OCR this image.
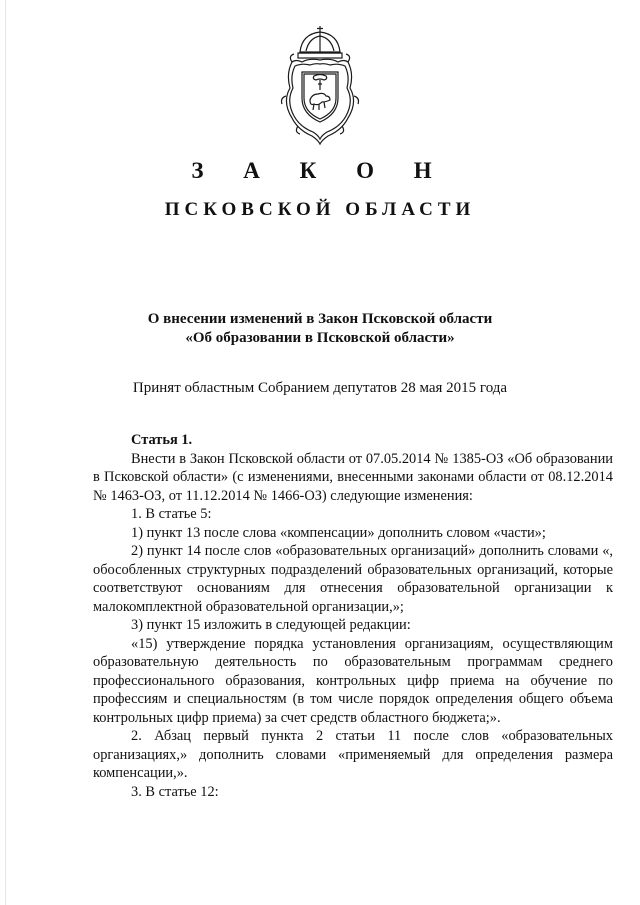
З А К О Н
ПСКОВСКОЙ ОБЛАСТИ
О внесении изменений в Закон Псковской области
«Об образовании в Псковской области»
Принят областным Собранием депутатов 28 мая 2015 года

Статья 1.

Внести в Закон Псковской области от 07.05.2014 № 1385-ОЗ «Об образовании в Псковской области» (с изменениями, внесенными законами области от 08.12.2014 № 1463-ОЗ, от 11.12.2014 № 1466-ОЗ) следующие изменения:

1. В статье 5:

1) пункт 13 после слова «компенсации» дополнить словом «части»;

2) пункт 14 после слов «образовательных организаций» дополнить словами «, обособленных структурных подразделений образовательных организаций, которые соответствуют основаниям для отнесения образовательной организации к малокомплектной образовательной организации,»;

3) пункт 15 изложить в следующей редакции:

«15) утверждение порядка установления организациям, осуществляющим образовательную деятельность по образовательным программам среднего профессионального образования, контрольных цифр приема на обучение по профессиям и специальностям (в том числе порядок определения общего объема контрольных цифр приема) за счет средств областного бюджета;».

2. Абзац первый пункта 2 статьи 11 после слов «образовательных организациях,» дополнить словами «применяемый для определения размера компенсации,».

3. В статье 12:
